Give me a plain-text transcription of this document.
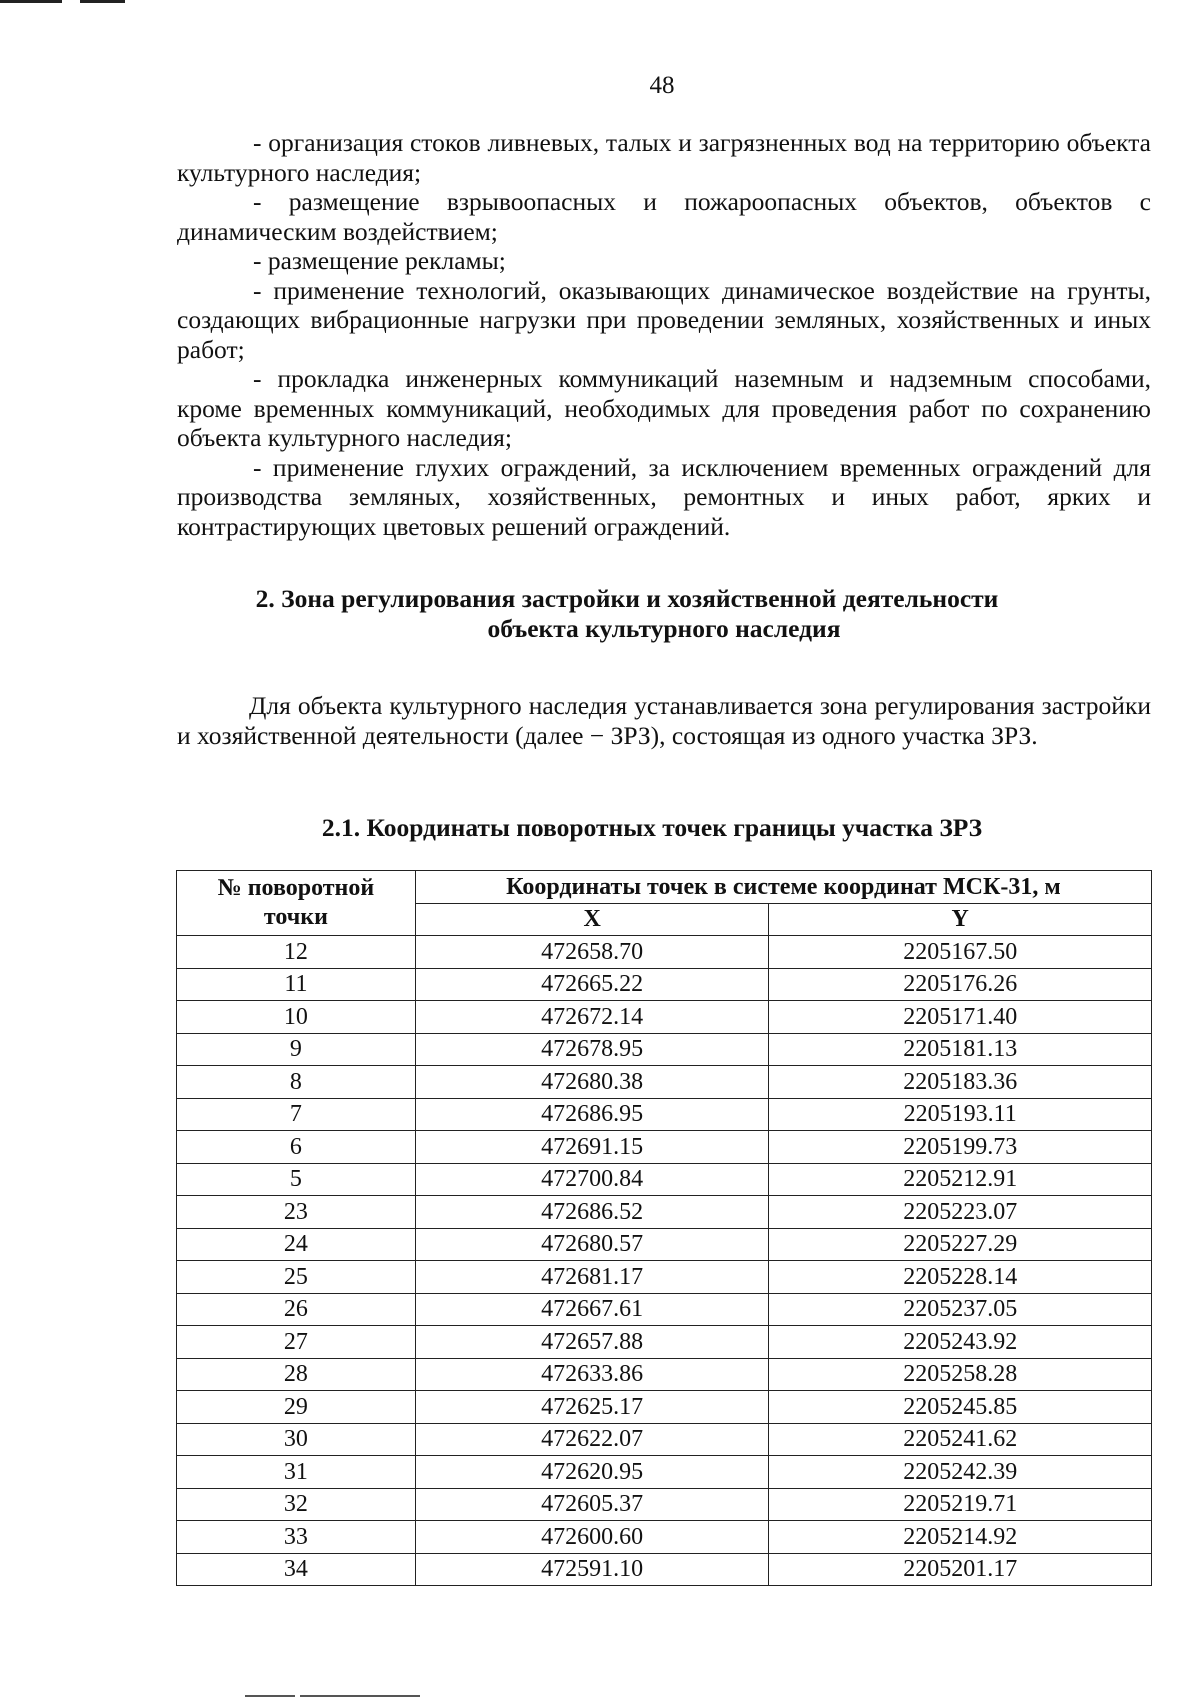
48

- организация стоков ливневых, талых и загрязненных вод на территорию объекта культурного наследия;

- размещение взрывоопасных и пожароопасных объектов, объектов с динамическим воздействием;

- размещение рекламы;

- применение технологий, оказывающих динамическое воздействие на грунты, создающих вибрационные нагрузки при проведении земляных, хозяйственных и иных работ;

- прокладка инженерных коммуникаций наземным и надземным способами, кроме временных коммуникаций, необходимых для проведения работ по сохранению объекта культурного наследия;

- применение глухих ограждений, за исключением временных ограждений для производства земляных, хозяйственных, ремонтных и иных работ, ярких и контрастирующих цветовых решений ограждений.

2. Зона регулирования застройки и хозяйственной деятельности
объекта культурного наследия

Для объекта культурного наследия устанавливается зона регулирования застройки и хозяйственной деятельности (далее − ЗРЗ), состоящая из одного участка ЗРЗ.

2.1. Координаты поворотных точек границы участка ЗРЗ
№ поворотной
точки	Координаты точек в системе координат МСК-31, м	
	X	Y
12	472658.70	2205167.50
11	472665.22	2205176.26
10	472672.14	2205171.40
9	472678.95	2205181.13
8	472680.38	2205183.36
7	472686.95	2205193.11
6	472691.15	2205199.73
5	472700.84	2205212.91
23	472686.52	2205223.07
24	472680.57	2205227.29
25	472681.17	2205228.14
26	472667.61	2205237.05
27	472657.88	2205243.92
28	472633.86	2205258.28
29	472625.17	2205245.85
30	472622.07	2205241.62
31	472620.95	2205242.39
32	472605.37	2205219.71
33	472600.60	2205214.92
34	472591.10	2205201.17
